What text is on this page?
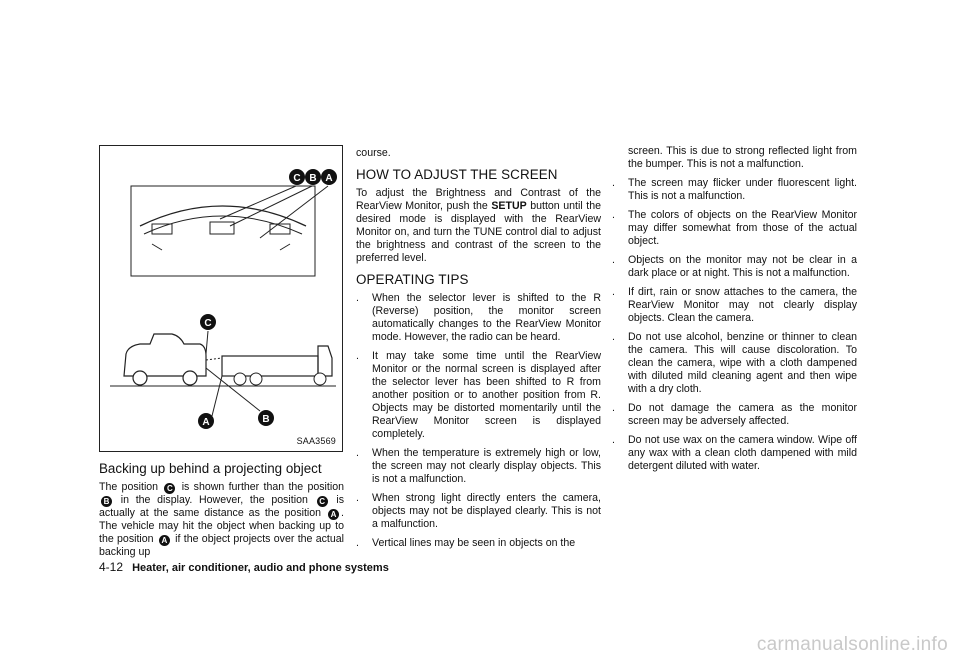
C B A
C
B
A
SAA3569
Backing up behind a projecting object

The position C is shown further than the position B in the display. However, the position C is actually at the same distance as the position A . The vehicle may hit the object when backing up to the position A if the object projects over the actual backing up

course.

HOW TO ADJUST THE SCREEN

To adjust the Brightness and Contrast of the RearView Monitor, push the SETUP button until the desired mode is displayed with the RearView Monitor on, and turn the TUNE control dial to adjust the brightness and contrast of the screen to the preferred level.

OPERATING TIPS
. When the selector lever is shifted to the R (Reverse) position, the monitor screen automatically changes to the RearView Monitor mode. However, the radio can be heard.
. It may take some time until the RearView Monitor or the normal screen is displayed after the selector lever has been shifted to R from another position or to another position from R. Objects may be distorted momentarily until the RearView Monitor screen is displayed completely.
. When the temperature is extremely high or low, the screen may not clearly display objects. This is not a malfunction.
. When strong light directly enters the camera, objects may not be displayed clearly. This is not a malfunction.
. Vertical lines may be seen in objects on the

screen. This is due to strong reflected light from the bumper. This is not a malfunction.

. The screen may flicker under fluorescent light. This is not a malfunction.
. The colors of objects on the RearView Monitor may differ somewhat from those of the actual object.
. Objects on the monitor may not be clear in a dark place or at night. This is not a malfunction.
. If dirt, rain or snow attaches to the camera, the RearView Monitor may not clearly display objects. Clean the camera.
. Do not use alcohol, benzine or thinner to clean the camera. This will cause discoloration. To clean the camera, wipe with a cloth dampened with diluted mild cleaning agent and then wipe with a dry cloth.
. Do not damage the camera as the monitor screen may be adversely affected.
. Do not use wax on the camera window. Wipe off any wax with a clean cloth dampened with mild detergent diluted with water.
4-12 Heater, air conditioner, audio and phone systems
carmanualsonline.info
